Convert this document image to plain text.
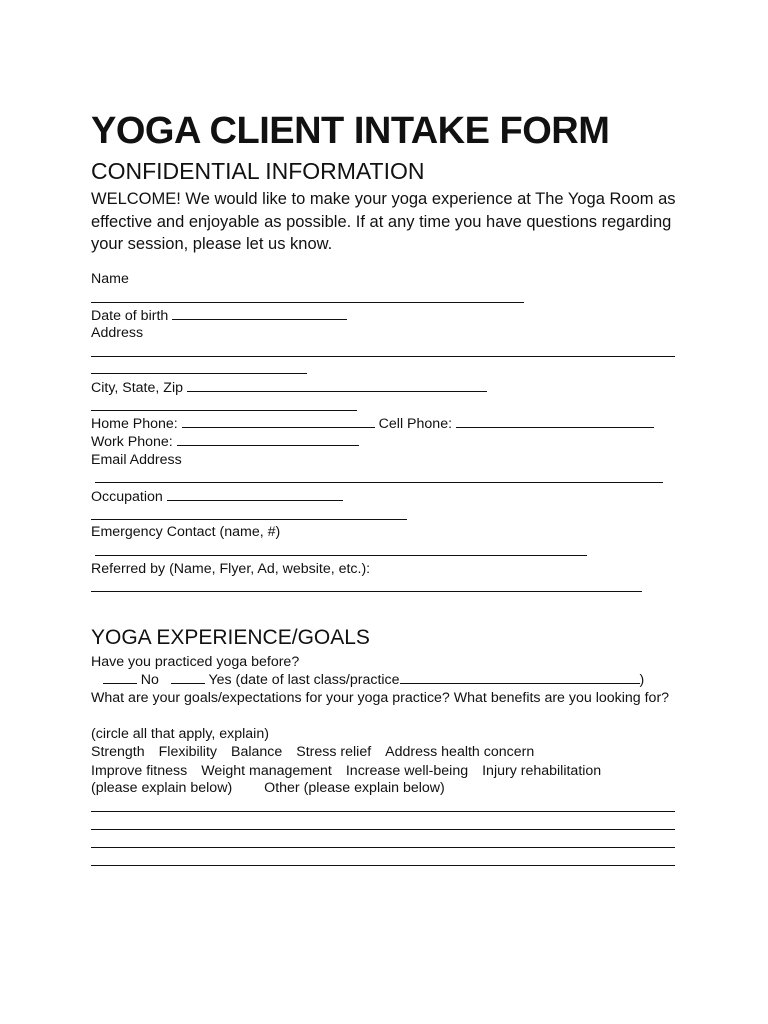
YOGA CLIENT INTAKE FORM
CONFIDENTIAL INFORMATION

WELCOME! We would like to make your yoga experience at The Yoga Room as effective and enjoyable as possible. If at any time you have questions regarding your session, please let us know.

Name
Date of birth
Address
City, State, Zip
Home Phone:	Cell Phone:
Work Phone:
Email Address

Occupation
Emergency Contact (name, #)

Referred by (Name, Flyer, Ad, website, etc.):
YOGA EXPERIENCE/GOALS
Have you practiced yoga before?
No	Yes (date of last class/practice	)
What are your goals/expectations for your yoga practice? What benefits are you looking for?
(circle all that apply, explain)
Strength Flexibility Balance Stress relief Address health concern
Improve fitness Weight management Increase well-being Injury rehabilitation
(please explain below) Other (please explain below)
